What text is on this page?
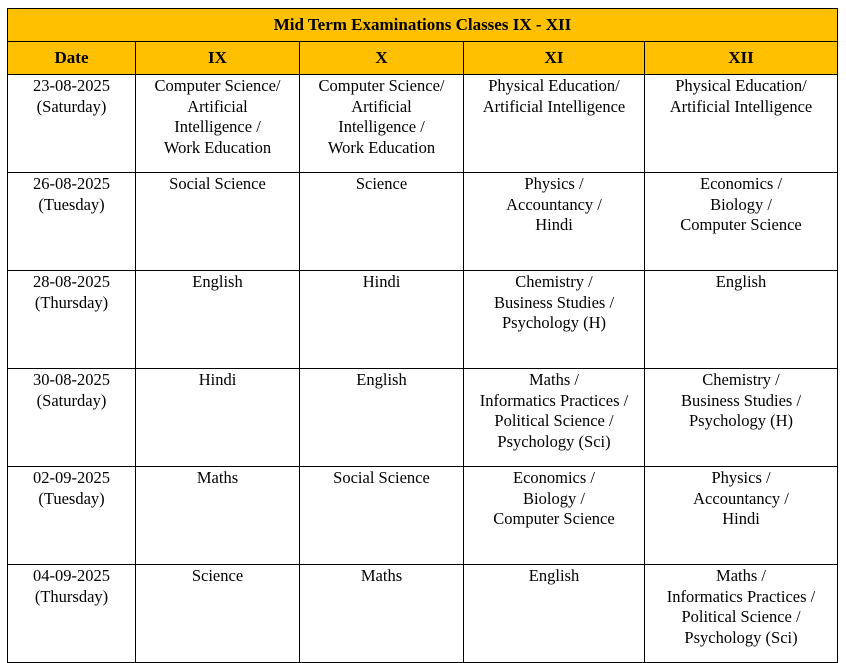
Mid Term Examinations Classes IX - XII				
Date	IX	X	XI	XII

23-08-2025
(Saturday)	Computer Science/
Artificial
Intelligence /
Work Education	Computer Science/
Artificial
Intelligence /
Work Education	Physical Education/
Artificial Intelligence	Physical Education/
Artificial Intelligence

26-08-2025
(Tuesday)	Social Science	Science	Physics /
Accountancy /
Hindi	Economics /
Biology /
Computer Science

28-08-2025
(Thursday)	English	Hindi	Chemistry /
Business Studies /
Psychology (H)	English

30-08-2025
(Saturday)	Hindi	English	Maths /
Informatics Practices /
Political Science /
Psychology (Sci)	Chemistry /
Business Studies /
Psychology (H)

02-09-2025
(Tuesday)	Maths	Social Science	Economics /
Biology /
Computer Science	Physics /
Accountancy /
Hindi

04-09-2025
(Thursday)	Science	Maths	English	Maths /
Informatics Practices /
Political Science /
Psychology (Sci)
